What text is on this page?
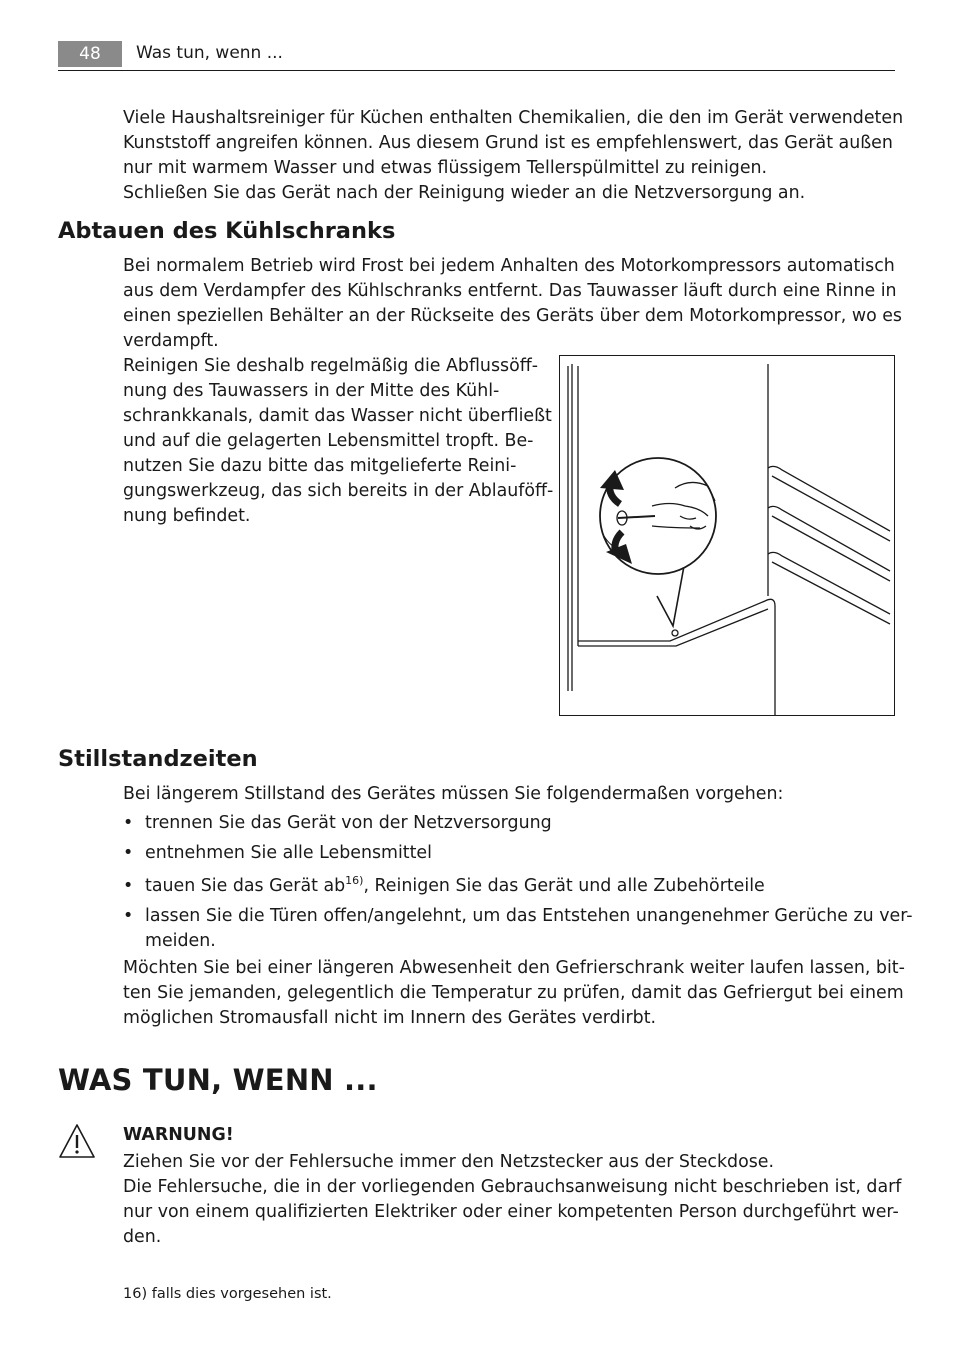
48	Was tun, wenn ...

Viele Haushaltsreiniger für Küchen enthalten Chemikalien, die den im Gerät verwendeten
Kunststoff angreifen können. Aus diesem Grund ist es empfehlenswert, das Gerät außen
nur mit warmem Wasser und etwas flüssigem Tellerspülmittel zu reinigen.
Schließen Sie das Gerät nach der Reinigung wieder an die Netzversorgung an.

Abtauen des Kühlschranks

Bei normalem Betrieb wird Frost bei jedem Anhalten des Motorkompressors automatisch
aus dem Verdampfer des Kühlschranks entfernt. Das Tauwasser läuft durch eine Rinne in
einen speziellen Behälter an der Rückseite des Geräts über dem Motorkompressor, wo es
verdampft.

Reinigen Sie deshalb regelmäßig die Abflussöff-
nung des Tauwassers in der Mitte des Kühl-
schrankkanals, damit das Wasser nicht überfließt
und auf die gelagerten Lebensmittel tropft. Be-
nutzen Sie dazu bitte das mitgelieferte Reini-
gungswerkzeug, das sich bereits in der Ablauföff-
nung befindet.

Stillstandzeiten

Bei längerem Stillstand des Gerätes müssen Sie folgendermaßen vorgehen:

• trennen Sie das Gerät von der Netzversorgung
• entnehmen Sie alle Lebensmittel
• tauen Sie das Gerät $ab^{16)}$, Reinigen Sie das Gerät und alle Zubehörteile
• lassen Sie die Türen offen/angelehnt, um das Entstehen unangenehmer Gerüche zu ver-
meiden.

Möchten Sie bei einer längeren Abwesenheit den Gefrierschrank weiter laufen lassen, bit-
ten Sie jemanden, gelegentlich die Temperatur zu prüfen, damit das Gefriergut bei einem
möglichen Stromausfall nicht im Innern des Gerätes verdirbt.

WAS TUN, WENN ...

WARNUNG!

Ziehen Sie vor der Fehlersuche immer den Netzstecker aus der Steckdose.
Die Fehlersuche, die in der vorliegenden Gebrauchsanweisung nicht beschrieben ist, darf
nur von einem qualifizierten Elektriker oder einer kompetenten Person durchgeführt wer-
den.

16) falls dies vorgesehen ist.
